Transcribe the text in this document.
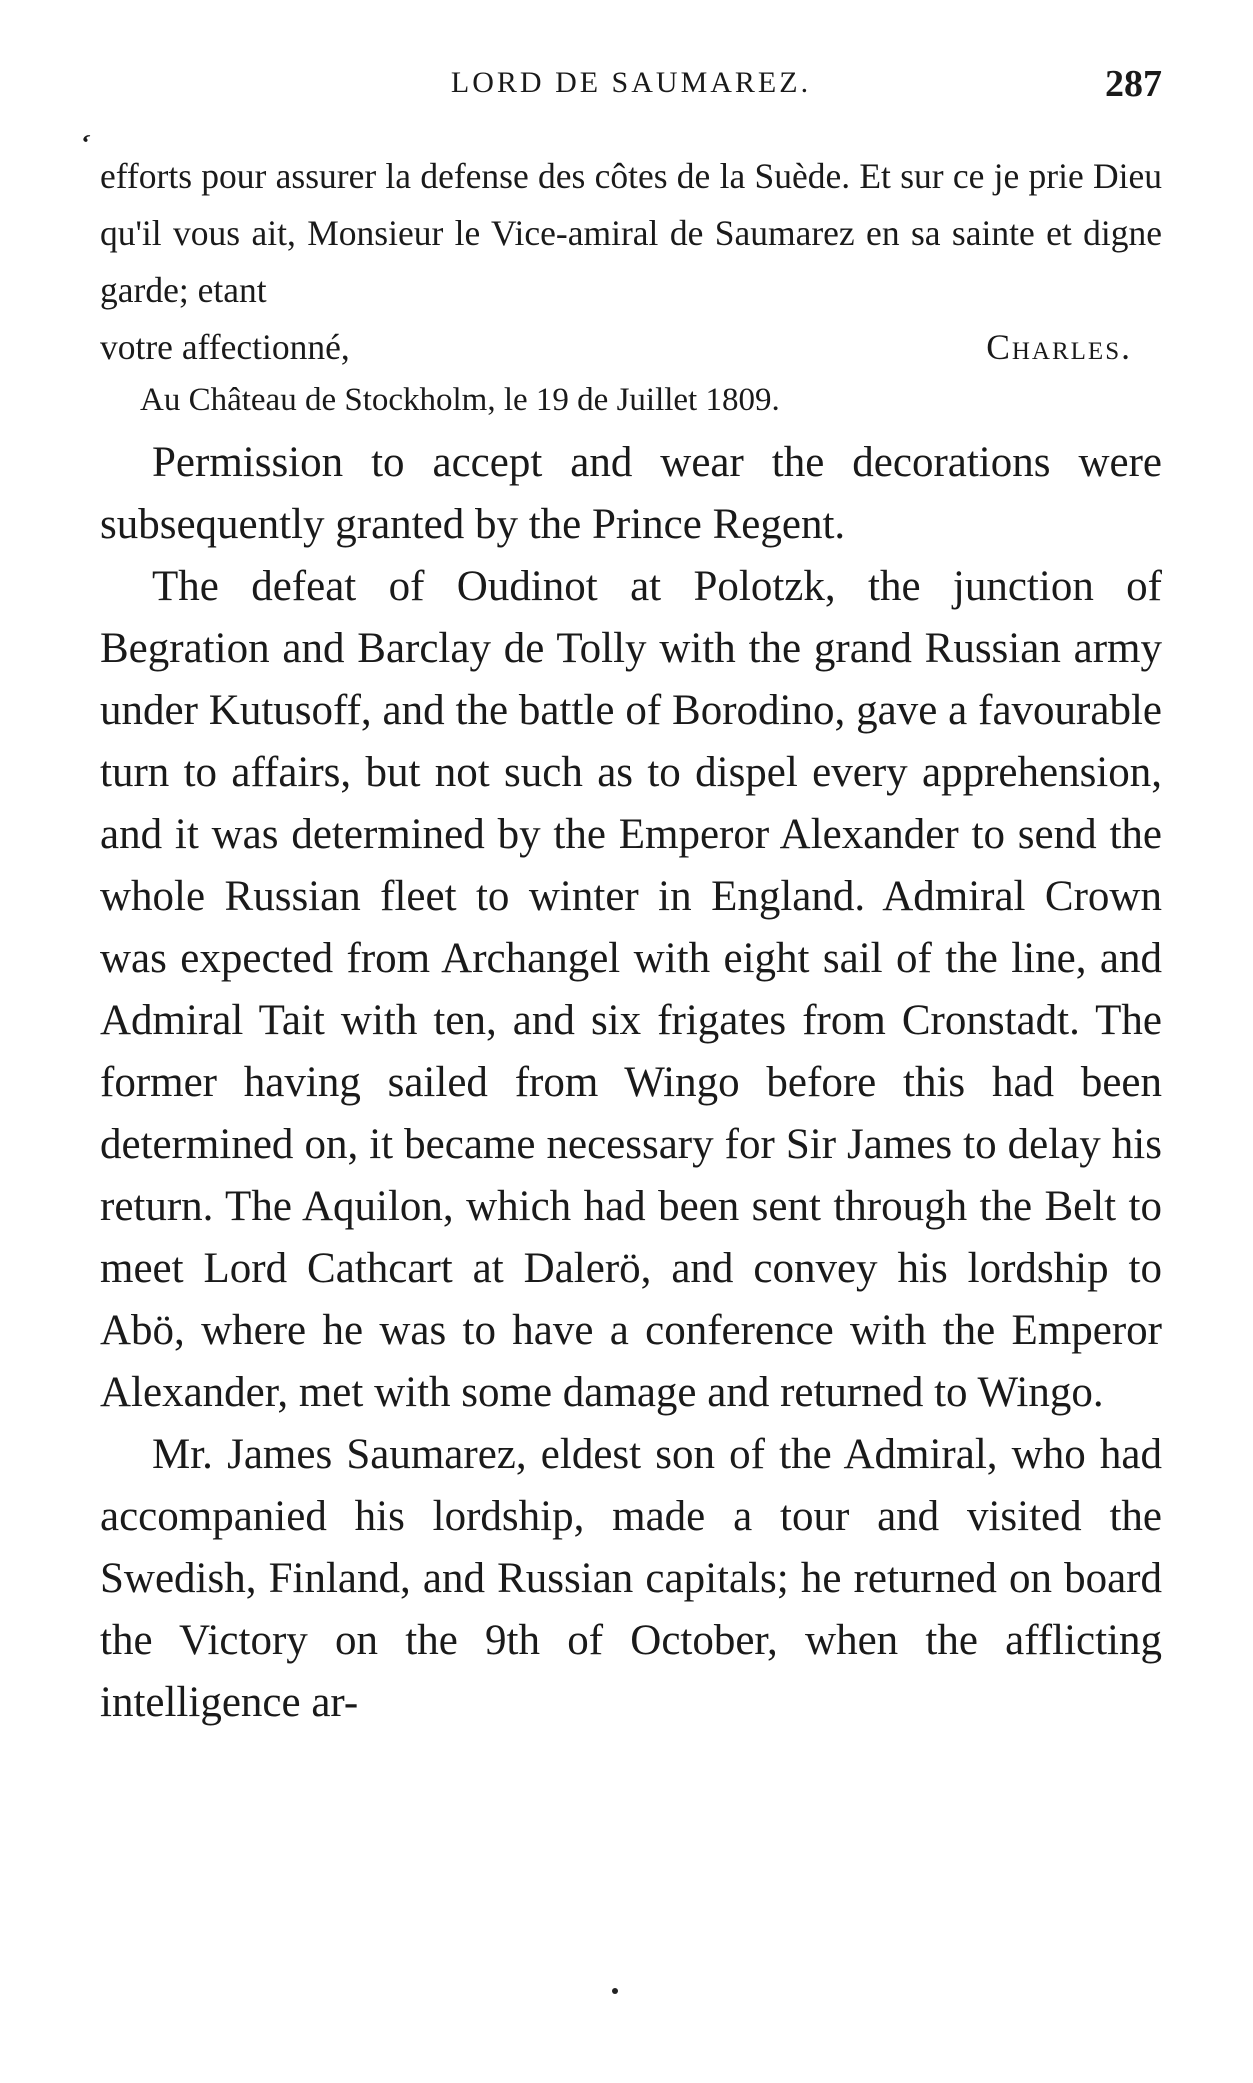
LORD DE SAUMAREZ.	287
‘

efforts pour assurer la defense des côtes de la Suède. Et sur ce je prie Dieu qu'il vous ait, Monsieur le Vice-amiral de Saumarez en sa sainte et digne garde; etant

votre affectionné,	Charles.

Au Château de Stockholm, le 19 de Juillet 1809.

Permission to accept and wear the decorations were subsequently granted by the Prince Regent.

The defeat of Oudinot at Polotzk, the junction of Begration and Barclay de Tolly with the grand Russian army under Kutusoff, and the battle of Borodino, gave a favourable turn to affairs, but not such as to dispel every apprehension, and it was determined by the Emperor Alexander to send the whole Russian fleet to winter in England. Admiral Crown was expected from Archangel with eight sail of the line, and Admiral Tait with ten, and six frigates from Cronstadt. The former having sailed from Wingo before this had been determined on, it became necessary for Sir James to delay his return. The Aquilon, which had been sent through the Belt to meet Lord Cathcart at Dalerö, and convey his lordship to Abö, where he was to have a conference with the Emperor Alexander, met with some damage and returned to Wingo.

Mr. James Saumarez, eldest son of the Admiral, who had accompanied his lordship, made a tour and visited the Swedish, Finland, and Russian capitals; he returned on board the Victory on the 9th of October, when the afflicting intelligence ar-
